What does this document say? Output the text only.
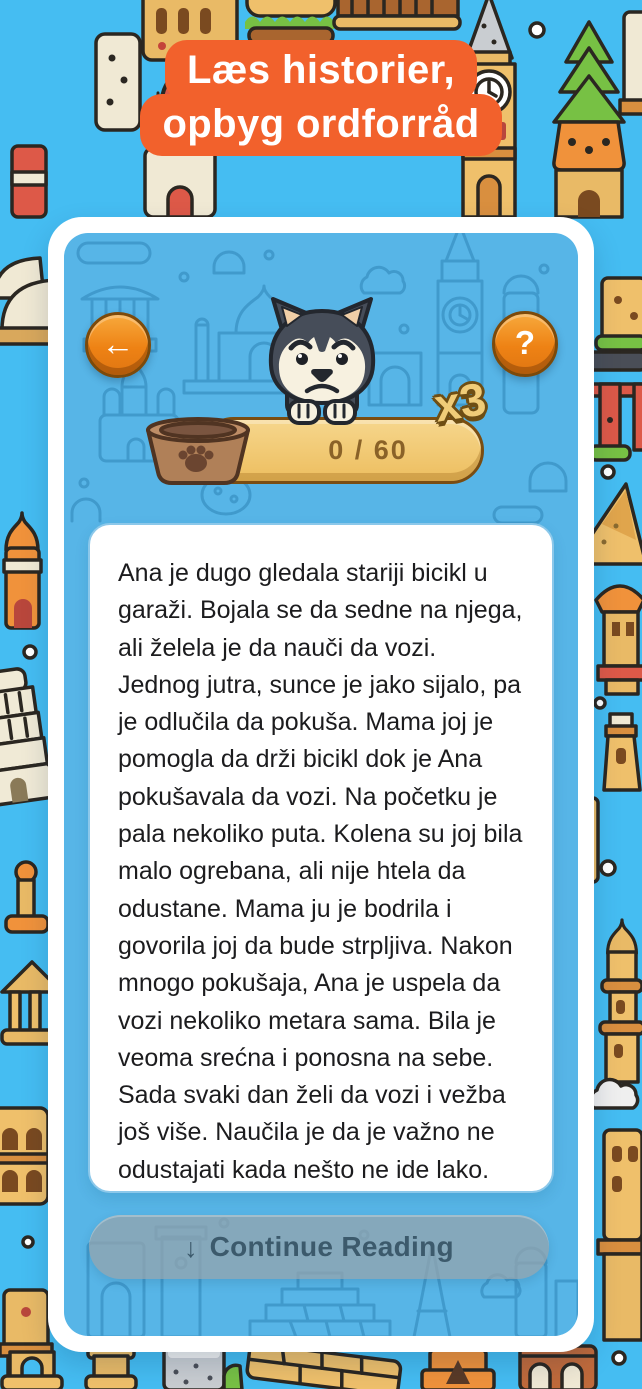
Læs historier,
opbyg ordforråd
0 / 60
x3
←	?

Ana je dugo gledala stariji bicikl u garaži. Bojala se da sedne na njega, ali želela je da nauči da vozi. Jednog jutra, sunce je jako sijalo, pa je odlučila da pokuša. Mama joj je pomogla da drži bicikl dok je Ana pokušavala da vozi. Na početku je pala nekoliko puta. Kolena su joj bila malo ogrebana, ali nije htela da odustane. Mama ju je bodrila i govorila joj da bude strpljiva. Nakon mnogo pokušaja, Ana je uspela da vozi nekoliko metara sama. Bila je veoma srećna i ponosna na sebe. Sada svaki dan želi da vozi i vežba još više. Naučila je da je važno ne odustajati kada nešto ne ide lako.

↓ Continue Reading
